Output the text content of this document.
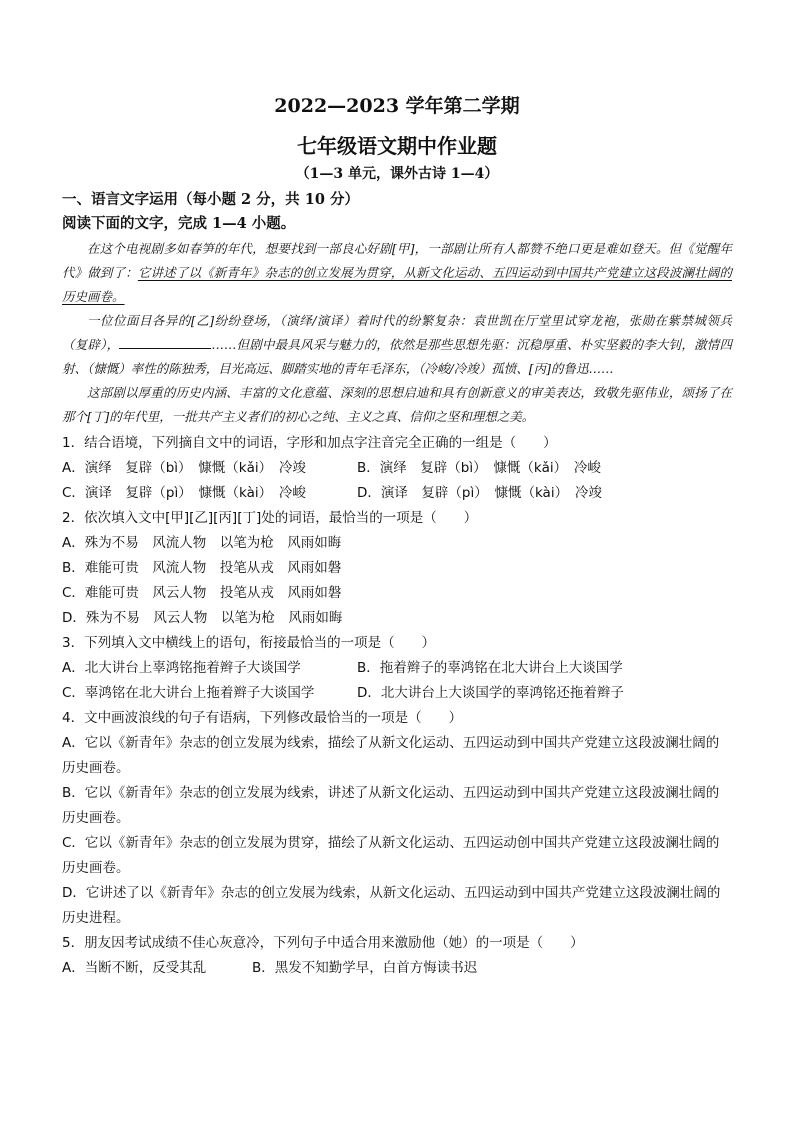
2022—2023 学年第二学期
七年级语文期中作业题
（1—3 单元，课外古诗 1—4）
一、语言文字运用（每小题 2 分，共 10 分）
阅读下面的文字，完成 1—4 小题。

在这个电视剧多如春笋的年代，想要找到一部良心好剧[甲]，一部剧让所有人都赞不绝口更是难如登天。但《觉醒年代》做到了：它讲述了以《新青年》杂志的创立发展为贯穿，从新文化运动、五四运动到中国共产党建立这段波澜壮阔的历史画卷。

一位位面目各异的[乙]纷纷登场，（演绎/演译）着时代的纷繁复杂：袁世凯在厅堂里试穿龙袍，张勋在紫禁城领兵（复辟），	……但剧中最具风采与魅力的，依然是那些思想先驱：沉稳厚重、朴实坚毅的李大钊，激情四射、（慷慨）率性的陈独秀，目光高远、脚踏实地的青年毛泽东，（冷峻/冷竣）孤愤、[丙]的鲁迅……

这部剧以厚重的历史内涵、丰富的文化意蕴、深刻的思想启迪和具有创新意义的审美表达，致敬先驱伟业，颂扬了在那个[丁]的年代里，一批共产主义者们的初心之纯、主义之真、信仰之坚和理想之美。

1．结合语境，下列摘自文中的词语，字形和加点字注音完全正确的一组是（　　）
A．演绎　复辟（bì）　慷慨（kǎi）　冷竣	B．演绎　复辟（bì）　慷慨（kǎi）　冷峻
C．演译　复辟（pì）　慷慨（kài）　冷峻	D．演译　复辟（pì）　慷慨（kài）　冷竣
2．依次填入文中[甲][乙][丙][丁]处的词语，最恰当的一项是（　　）
A．殊为不易　风流人物　以笔为枪　风雨如晦
B．难能可贵　风流人物　投笔从戎　风雨如磐
C．难能可贵　风云人物　投笔从戎　风雨如磐
D．殊为不易　风云人物　以笔为枪　风雨如晦
3．下列填入文中横线上的语句，衔接最恰当的一项是（　　）
A．北大讲台上辜鸿铭拖着辫子大谈国学	B．拖着辫子的辜鸿铭在北大讲台上大谈国学
C．辜鸿铭在北大讲台上拖着辫子大谈国学	D．北大讲台上大谈国学的辜鸿铭还拖着辫子
4．文中画波浪线的句子有语病，下列修改最恰当的一项是（　　）
A．它以《新青年》杂志的创立发展为线索，描绘了从新文化运动、五四运动到中国共产党建立这段波澜壮阔的历史画卷。
B．它以《新青年》杂志的创立发展为线索，讲述了从新文化运动、五四运动到中国共产党建立这段波澜壮阔的历史画卷。
C．它以《新青年》杂志的创立发展为贯穿，描绘了从新文化运动、五四运动创中国共产党建立这段波澜壮阔的历史画卷。
D．它讲述了以《新青年》杂志的创立发展为线索，从新文化运动、五四运动到中国共产党建立这段波澜壮阔的历史进程。
5．朋友因考试成绩不佳心灰意冷，下列句子中适合用来激励他（她）的一项是（　　）
A．当断不断，反受其乱	B．黑发不知勤学早，白首方悔读书迟
